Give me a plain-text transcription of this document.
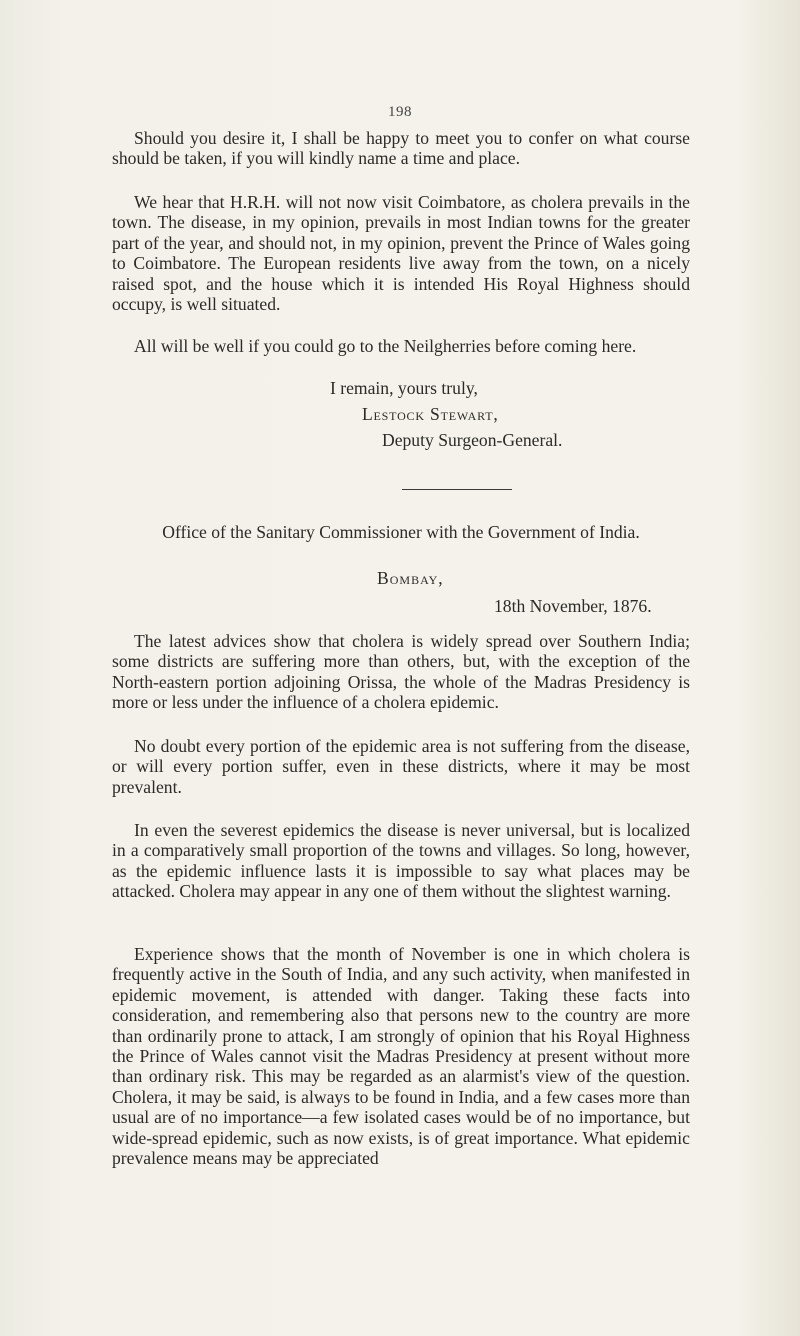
198

Should you desire it, I shall be happy to meet you to confer on what course should be taken, if you will kindly name a time and place.

We hear that H.R.H. will not now visit Coimbatore, as cholera prevails in the town. The disease, in my opinion, prevails in most Indian towns for the greater part of the year, and should not, in my opinion, prevent the Prince of Wales going to Coimbatore. The European residents live away from the town, on a nicely raised spot, and the house which it is intended His Royal Highness should occupy, is well situated.

All will be well if you could go to the Neilgherries before coming here.

I remain, yours truly,
Lestock Stewart,
Deputy Surgeon-General.
Office of the Sanitary Commissioner with the Government of India.
Bombay,
18th November, 1876.

The latest advices show that cholera is widely spread over Southern India; some districts are suffering more than others, but, with the exception of the North-eastern portion adjoining Orissa, the whole of the Madras Presidency is more or less under the influence of a cholera epidemic.

No doubt every portion of the epidemic area is not suffering from the disease, or will every portion suffer, even in these districts, where it may be most prevalent.

In even the severest epidemics the disease is never universal, but is localized in a comparatively small proportion of the towns and villages. So long, however, as the epidemic influence lasts it is impossible to say what places may be attacked. Cholera may appear in any one of them without the slightest warning.

Experience shows that the month of November is one in which cholera is frequently active in the South of India, and any such activity, when manifested in epidemic movement, is attended with danger. Taking these facts into consideration, and remembering also that persons new to the country are more than ordinarily prone to attack, I am strongly of opinion that his Royal Highness the Prince of Wales cannot visit the Madras Presidency at present without more than ordinary risk. This may be regarded as an alarmist's view of the question. Cholera, it may be said, is always to be found in India, and a few cases more than usual are of no importance—a few isolated cases would be of no importance, but wide-spread epidemic, such as now exists, is of great importance. What epidemic prevalence means may be appreciated
